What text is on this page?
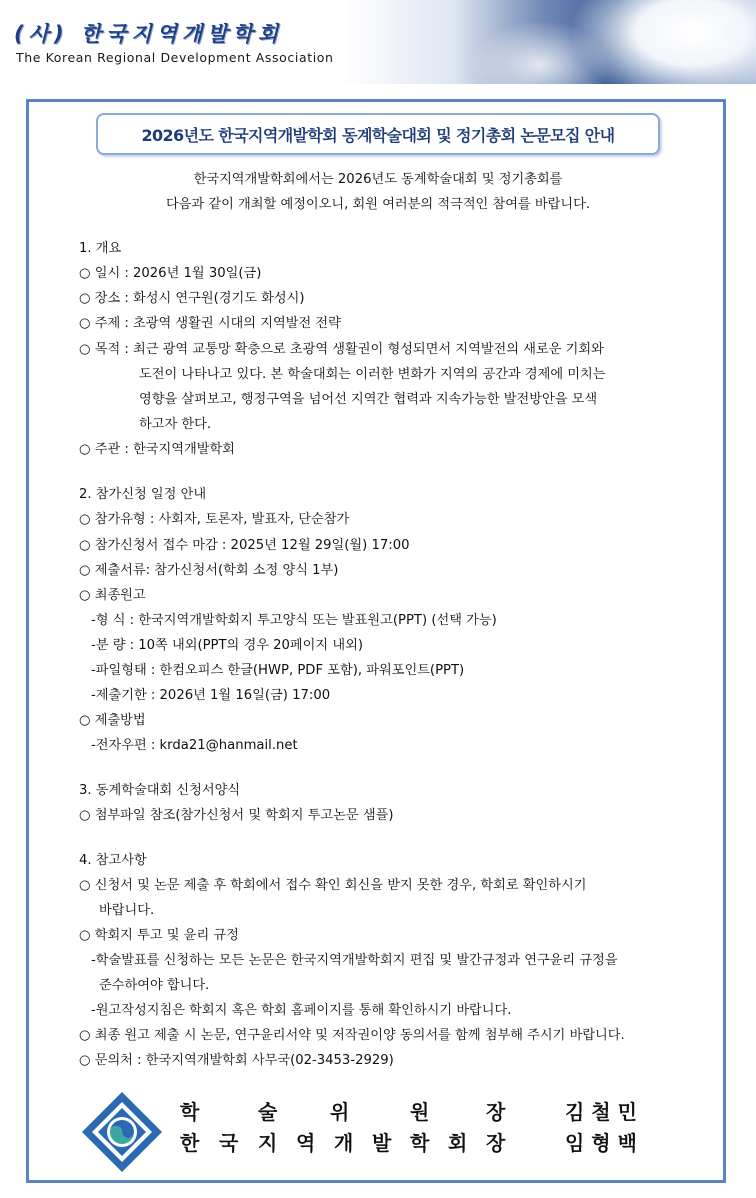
(사) 한국지역개발학회
The Korean Regional Development Association
2026년도 한국지역개발학회 동계학술대회 및 정기총회 논문모집 안내
한국지역개발학회에서는 2026년도 동계학술대회 및 정기총회를
다음과 같이 개최할 예정이오니, 회원 여러분의 적극적인 참여를 바랍니다.
1. 개요
○ 일시 : 2026년 1월 30일(금)
○ 장소 : 화성시 연구원(경기도 화성시)
○ 주제 : 초광역 생활권 시대의 지역발전 전략
○ 목적 : 최근 광역 교통망 확충으로 초광역 생활권이 형성되면서 지역발전의 새로운 기회와
도전이 나타나고 있다. 본 학술대회는 이러한 변화가 지역의 공간과 경제에 미치는
영향을 살펴보고, 행정구역을 넘어선 지역간 협력과 지속가능한 발전방안을 모색
하고자 한다.
○ 주관 : 한국지역개발학회
2. 참가신청 일정 안내
○ 참가유형 : 사회자, 토론자, 발표자, 단순참가
○ 참가신청서 접수 마감 : 2025년 12월 29일(월) 17:00
○ 제출서류: 참가신청서(학회 소정 양식 1부)
○ 최종원고
-형 식 : 한국지역개발학회지 투고양식 또는 발표원고(PPT) (선택 가능)
-분 량 : 10쪽 내외(PPT의 경우 20페이지 내외)
-파일형태 : 한컴오피스 한글(HWP, PDF 포함), 파워포인트(PPT)
-제출기한 : 2026년 1월 16일(금) 17:00
○ 제출방법
-전자우편 : krda21@hanmail.net
3. 동계학술대회 신청서양식
○ 첨부파일 참조(참가신청서 및 학회지 투고논문 샘플)
4. 참고사항
○ 신청서 및 논문 제출 후 학회에서 접수 확인 회신을 받지 못한 경우, 학회로 확인하시기
바랍니다.
○ 학회지 투고 및 윤리 규정
-학술발표를 신청하는 모든 논문은 한국지역개발학회지 편집 및 발간규정과 연구윤리 규정을
준수하여야 합니다.
-원고작성지침은 학회지 혹은 학회 홈페이지를 통해 확인하시기 바랍니다.
○ 최종 원고 제출 시 논문, 연구윤리서약 및 저작권이양 동의서를 함께 첨부해 주시기 바랍니다.
○ 문의처 : 한국지역개발학회 사무국(02-3453-2929)
학	술	위	원	장	김 철 민
한 국 지 역 개 발 학 회 장	임 형 백
